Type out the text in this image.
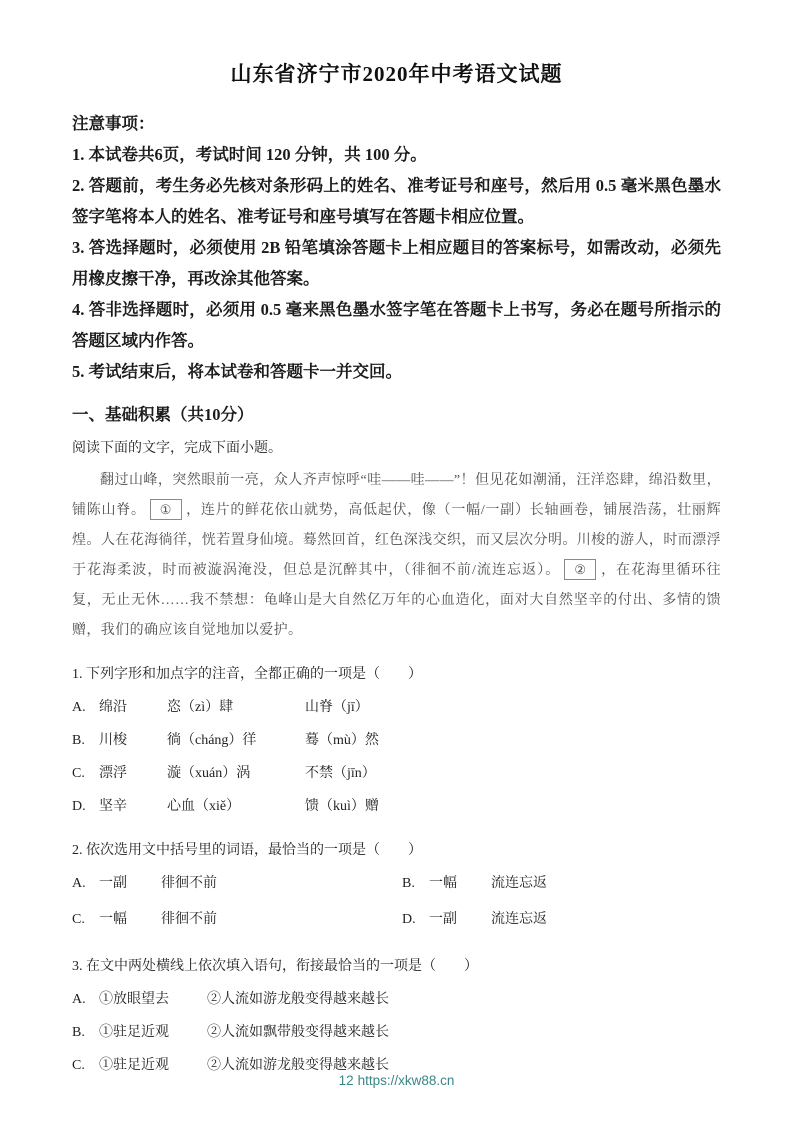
山东省济宁市2020年中考语文试题

注意事项：

1. 本试卷共6页，考试时间 120 分钟，共 100 分。

2. 答题前，考生务必先核对条形码上的姓名、准考证号和座号，然后用 0.5 毫米黑色墨水签字笔将本人的姓名、准考证号和座号填写在答题卡相应位置。

3. 答选择题时，必须使用 2B 铅笔填涂答题卡上相应题目的答案标号，如需改动，必须先用橡皮擦干净，再改涂其他答案。

4. 答非选择题时，必须用 0.5 毫来黑色墨水签字笔在答题卡上书写，务必在题号所指示的答题区域内作答。

5. 考试结束后，将本试卷和答题卡一并交回。

一、基础积累（共10分）

阅读下面的文字，完成下面小题。

翻过山峰，突然眼前一亮，众人齐声惊呼“哇——哇——”！但见花如潮涌，汪洋恣肆，绵沿数里，铺陈山脊。 ① ，连片的鲜花依山就势，高低起伏，像（一幅/一副）长轴画卷，铺展浩荡，壮丽辉煌。人在花海徜徉，恍若置身仙境。蓦然回首，红色深浅交织，而又层次分明。川梭的游人，时而漂浮于花海柔波，时而被漩涡淹没，但总是沉醉其中，（徘徊不前/流连忘返）。 ② ，在花海里循环往复，无止无休……我不禁想：龟峰山是大自然亿万年的心血造化，面对大自然坚辛的付出、多情的馈赠，我们的确应该自觉地加以爱护。

1. 下列字形和加点字的注音，全都正确的一项是（　　）

A. 绵沿	恣（zì）肆	山脊（jī）
B. 川梭	徜（cháng）徉	蓦（mù）然
C. 漂浮	漩（xuán）涡	不禁（jīn）
D. 坚辛	心血（xiě）	馈（kuì）赠

2. 依次选用文中括号里的词语，最恰当的一项是（　　）

A. 一副 徘徊不前	B. 一幅 流连忘返
C. 一幅 徘徊不前	D. 一副 流连忘返

3. 在文中两处横线上依次填入语句，衔接最恰当的一项是（　　）

A. ①放眼望去	②人流如游龙般变得越来越长
B. ①驻足近观	②人流如飘带般变得越来越长
C. ①驻足近观	②人流如游龙般变得越来越长

12 https://xkw88.cn
